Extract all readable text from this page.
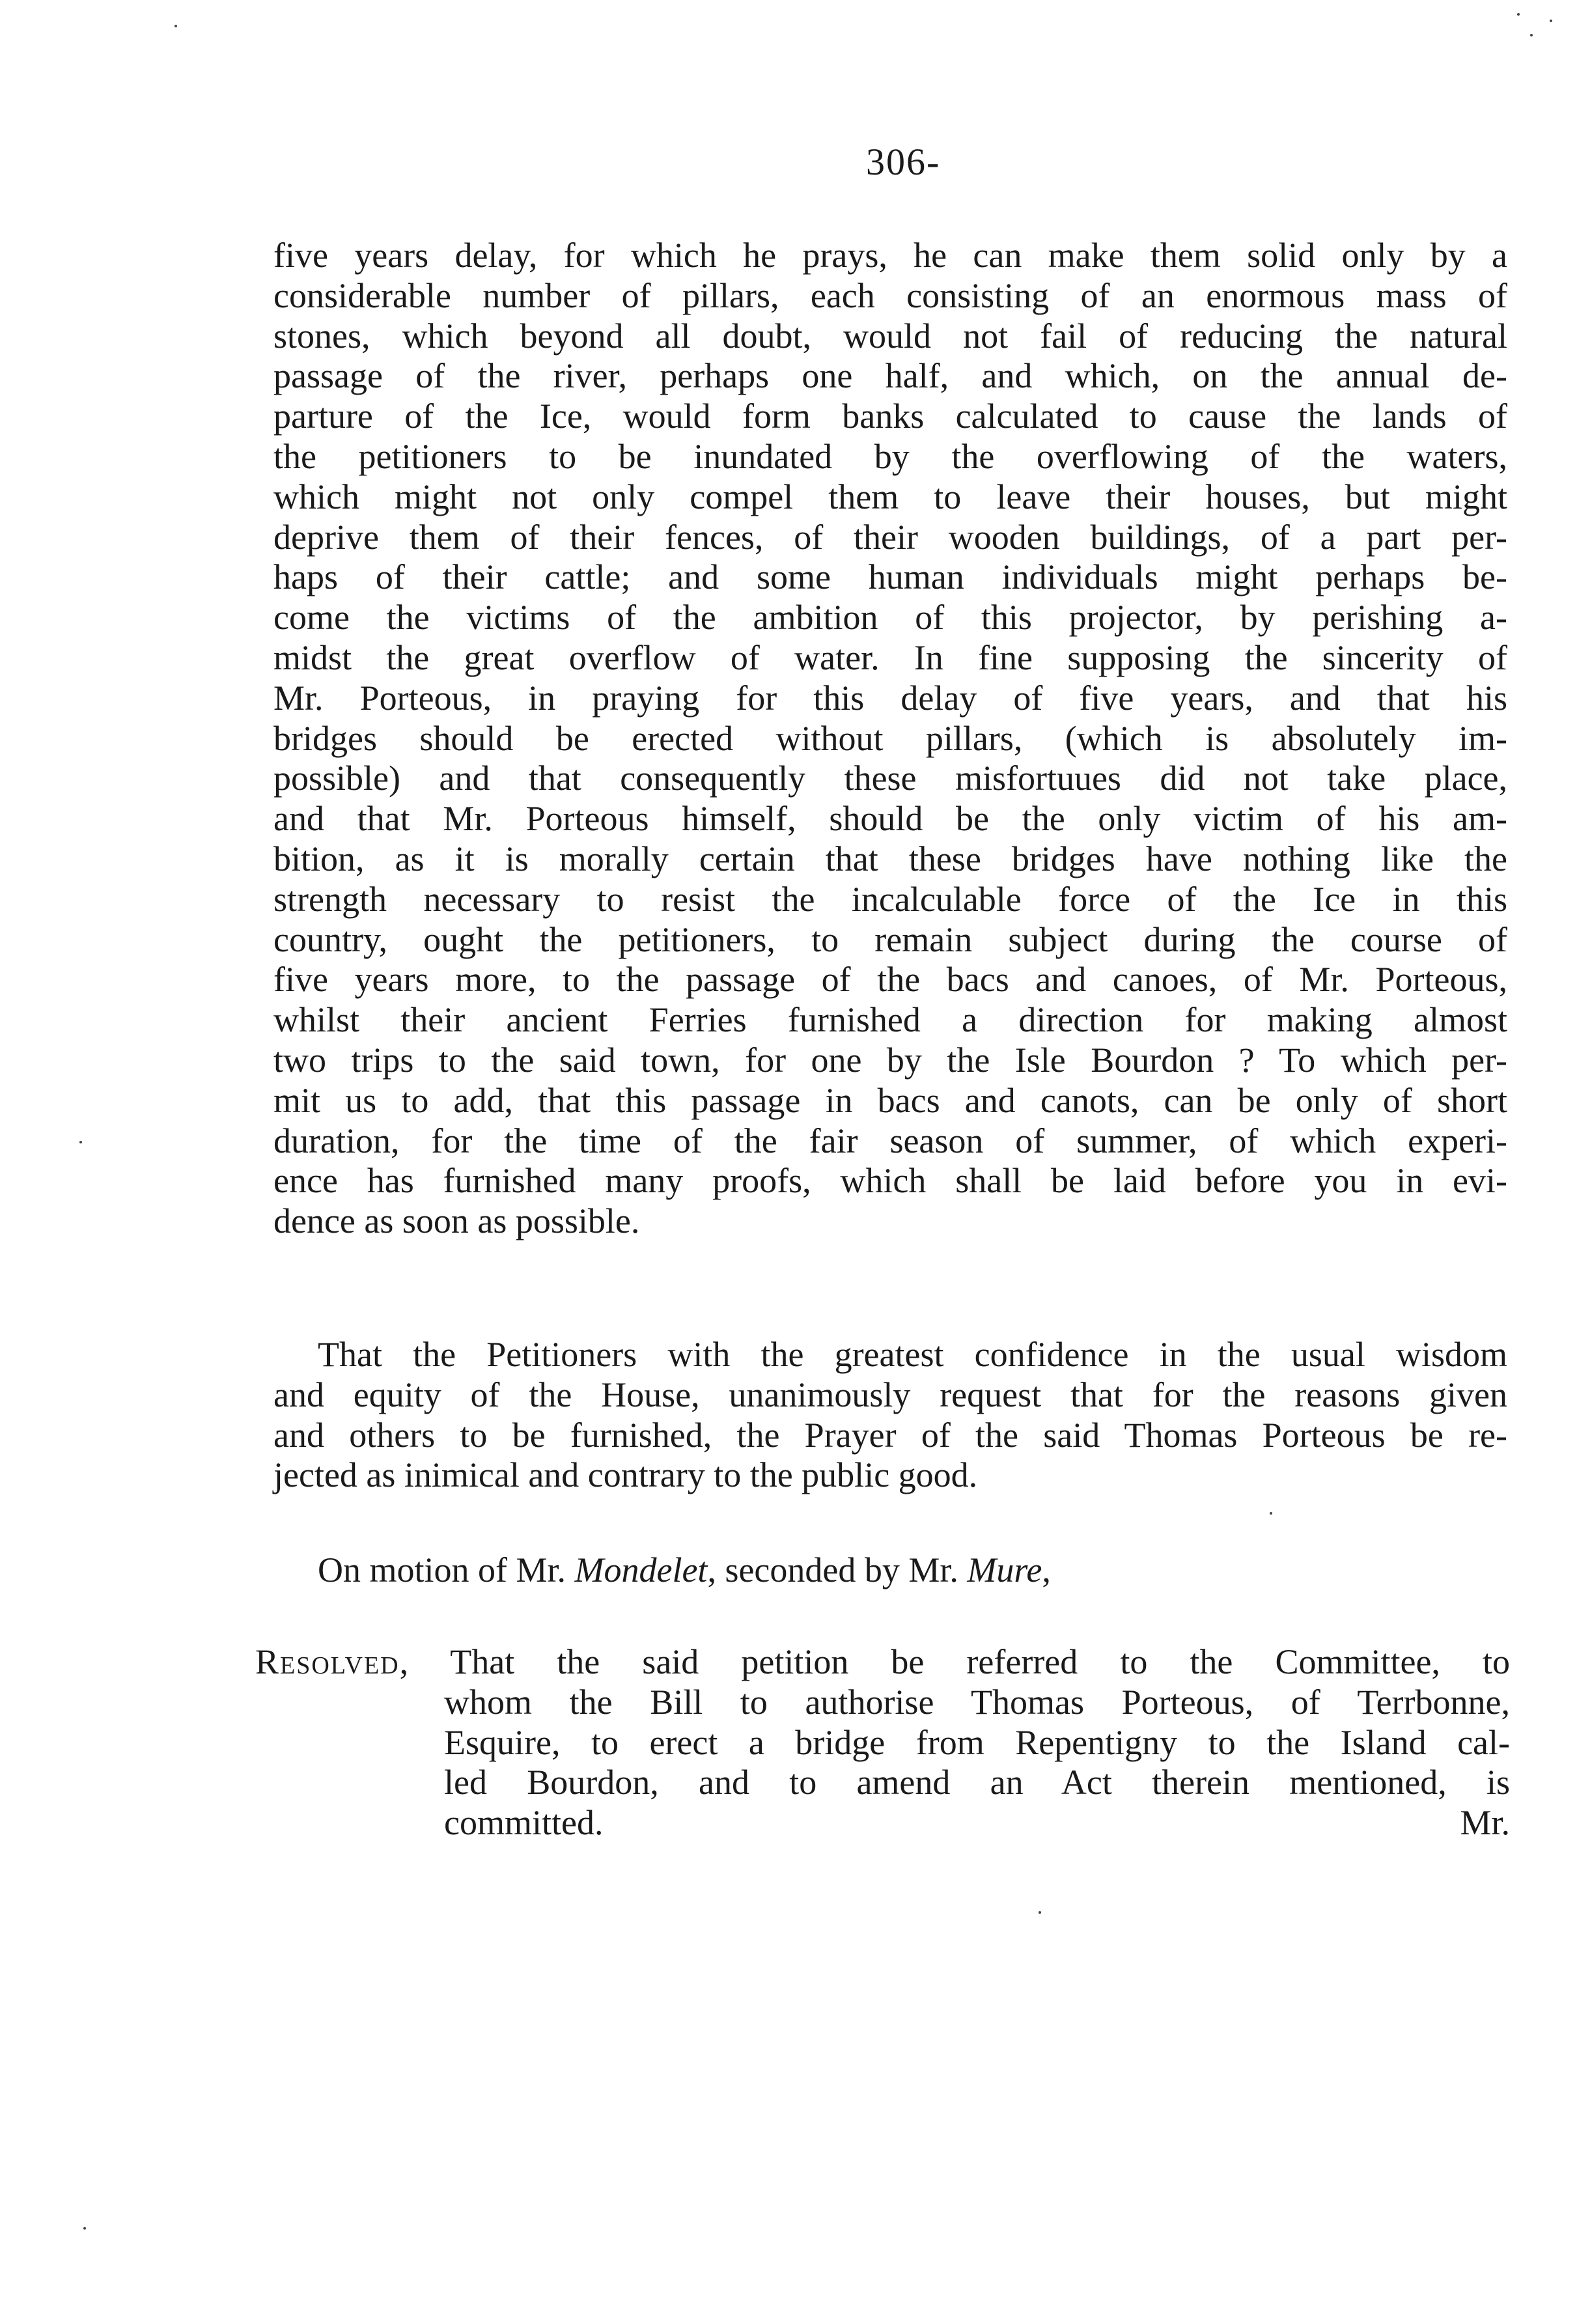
306-
five years delay, for which he prays, he can make them solid only by a
considerable number of pillars, each consisting of an enormous mass of
stones, which beyond all doubt, would not fail of reducing the natural
passage of the river, perhaps one half, and which, on the annual de-
parture of the Ice, would form banks calculated to cause the lands of
the petitioners to be inundated by the overflowing of the waters,
which might not only compel them to leave their houses, but might
deprive them of their fences, of their wooden buildings, of a part per-
haps of their cattle; and some human individuals might perhaps be-
come the victims of the ambition of this projector, by perishing a-
midst the great overflow of water. In fine supposing the sincerity of
Mr. Porteous, in praying for this delay of five years, and that his
bridges should be erected without pillars, (which is absolutely im-
possible) and that consequently these misfortuues did not take place,
and that Mr. Porteous himself, should be the only victim of his am-
bition, as it is morally certain that these bridges have nothing like the
strength necessary to resist the incalculable force of the Ice in this
country, ought the petitioners, to remain subject during the course of
five years more, to the passage of the bacs and canoes, of Mr. Porteous,
whilst their ancient Ferries furnished a direction for making almost
two trips to the said town, for one by the Isle Bourdon ? To which per-
mit us to add, that this passage in bacs and canots, can be only of short
duration, for the time of the fair season of summer, of which experi-
ence has furnished many proofs, which shall be laid before you in evi-
dence as soon as possible.
That the Petitioners with the greatest confidence in the usual wisdom
and equity of the House, unanimously request that for the reasons given
and others to be furnished, the Prayer of the said Thomas Porteous be re-
jected as inimical and contrary to the public good.
On motion of Mr. Mondelet, seconded by Mr. Mure,
Resolved, That the said petition be referred to the Committee, to
whom the Bill to authorise Thomas Porteous, of Terrbonne,
Esquire, to erect a bridge from Repentigny to the Island cal-
led Bourdon, and to amend an Act therein mentioned, is
committed.	Mr.
